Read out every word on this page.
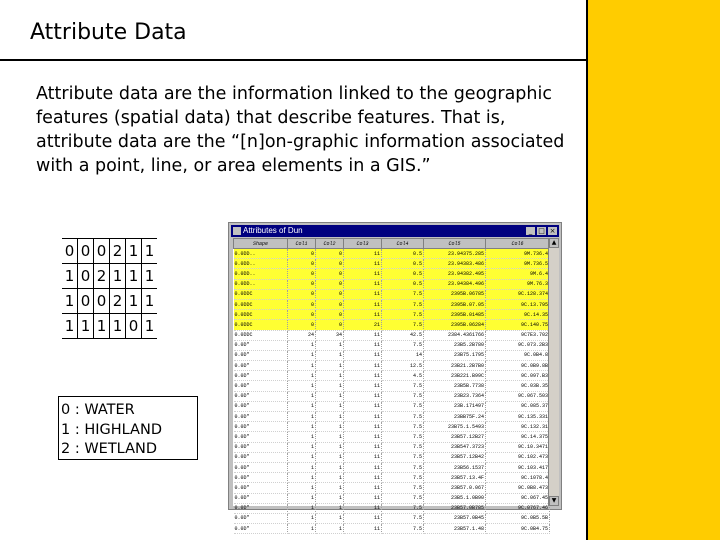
Attribute Data
Attribute data are the information linked to the geographic features (spatial data) that describe features. That is, attribute data are the “[n]on-graphic information associated with a point, line, or area elements in a GIS.”
0	0	0	2	1	1
1	0	2	1	1	1
1	0	0	2	1	1
1	1	1	1	0	1
0 : WATER
1 : HIGHLAND
2 : WETLAND
Attributes of Dun	_ □ ×
Shape	Col1	Col2	Col3	Col4	Col5	Col6
0.0DD..	0	0	11	0.5	23.94375.285	9M.736.4
0.0DD..	0	0	11	0.5	23.94383.486	9M.736.5
0.0DD..	0	0	11	0.5	23.94382.495	9M.6.4
0.0DD..	0	0	11	0.5	23.94384.496	9M.76.3
0.0DDC	0	0	11	7.5	2395B.06785	9C.128.374
0.0DDC	0	0	11	7.5	2395B.07.05	9C.13.795
0.0DDC	0	0	11	7.5	2395B.01485	9C.14.35
0.0DDC	0	0	21	7.5	2395B.06284	9C.140.75
0.0DDC	24	34	11	42.5	2384.4361766	9C7E3.702
0.0D"	1	1	11	7.5	23B5.2B780	9C.073.2B3
0.0D"	1	1	11	14	23B75.1795	9C.0B4.8
0.0D"	1	1	11	12.5	23B21.2B7B0	9C.0B9.8B
0.0D"	1	1	11	4.5	23B221.B99C	9C.097.B3
0.0D"	1	1	11	7.5	23B5B.7738	9C.03B.35
0.0D"	1	1	11	7.5	23B23.7364	9C.067.503
0.0D"	1	1	11	7.5	23B.171497	9C.085.37
0.0D"	1	1	11	7.5	23BB75F.24	9C.135.331
0.0D"	1	1	11	7.5	23B75.1.5493	9C.132.31
0.0D"	1	1	11	7.5	23B57.12B27	9C.14.375
0.0D"	1	1	11	7.5	23B547.3723	9C.10.3471
0.0D"	1	1	11	7.5	23B57.12B42	9C.102.473
0.0D"	1	1	11	7.5	23B56.1537	9C.103.417
0.0D"	1	1	11	7.5	23B57.13.4F	9C.1078.4
0.0D"	1	1	11	7.5	23B57.0.067	9C.0B8.473
0.0D"	1	1	11	7.5	23B5.1.0B90	9C.067.45
0.0D"	1	1	11	7.5	23B57.0B785	9C.0767.46
0.0D"	1	1	11	7.5	23B57.0B45	9C.0B5.5B
0.0D"	1	1	11	7.5	23B57.1.48	9C.0B4.75
▲
▼
